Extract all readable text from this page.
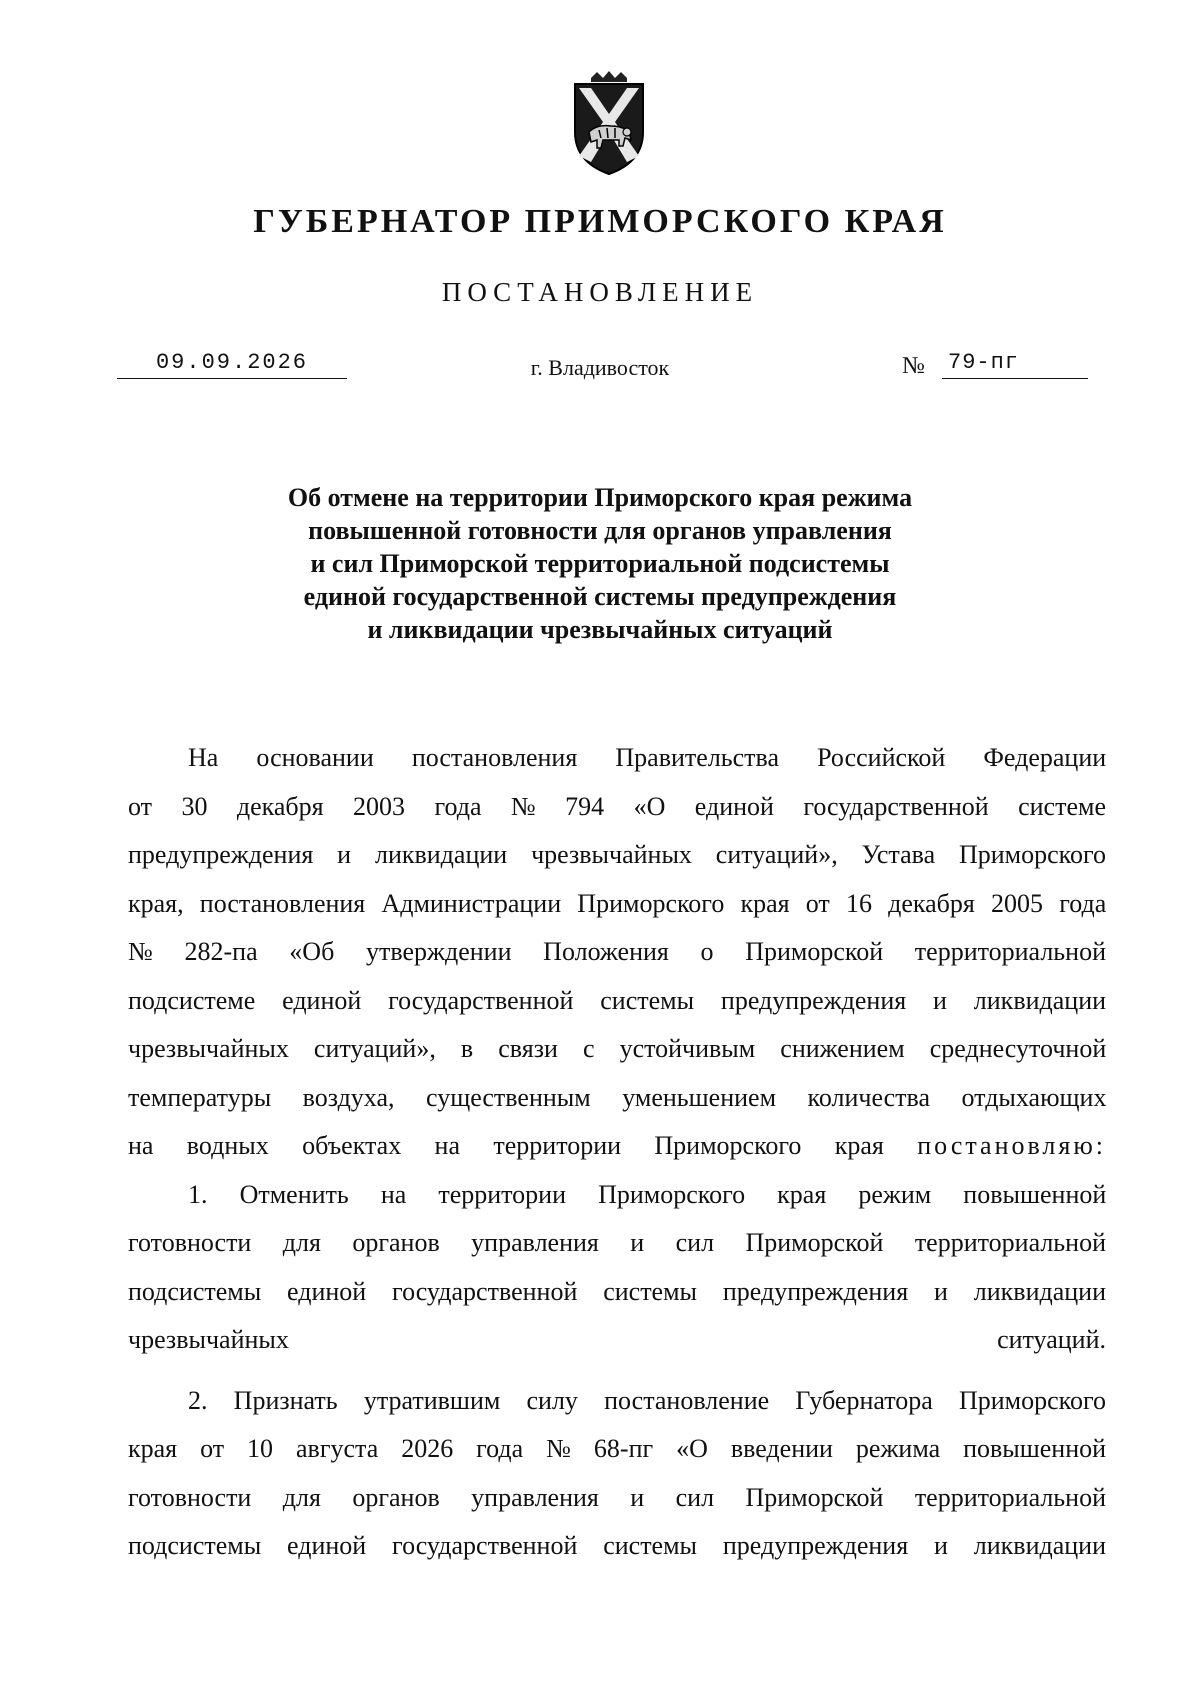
ГУБЕРНАТОР ПРИМОРСКОГО КРАЯ
ПОСТАНОВЛЕНИЕ
09.09.2026	г. Владивосток	№ 79-пг
Об отмене на территории Приморского края режима
повышенной готовности для органов управления
и сил Приморской территориальной подсистемы
единой государственной системы предупреждения
и ликвидации чрезвычайных ситуаций

На основании постановления Правительства Российской Федерации
от 30 декабря 2003 года № 794 «О единой государственной системе
предупреждения и ликвидации чрезвычайных ситуаций», Устава Приморского
края, постановления Администрации Приморского края от 16 декабря 2005 года
№ 282-па «Об утверждении Положения о Приморской территориальной
подсистеме единой государственной системы предупреждения и ликвидации
чрезвычайных ситуаций», в связи с устойчивым снижением среднесуточной
температуры воздуха, существенным уменьшением количества отдыхающих
на водных объектах на территории Приморского края постановляю:

1. Отменить на территории Приморского края режим повышенной
готовности для органов управления и сил Приморской территориальной
подсистемы единой государственной системы предупреждения и ликвидации
чрезвычайных ситуаций.

2. Признать утратившим силу постановление Губернатора Приморского
края от 10 августа 2026 года № 68-пг «О введении режима повышенной
готовности для органов управления и сил Приморской территориальной
подсистемы единой государственной системы предупреждения и ликвидации
